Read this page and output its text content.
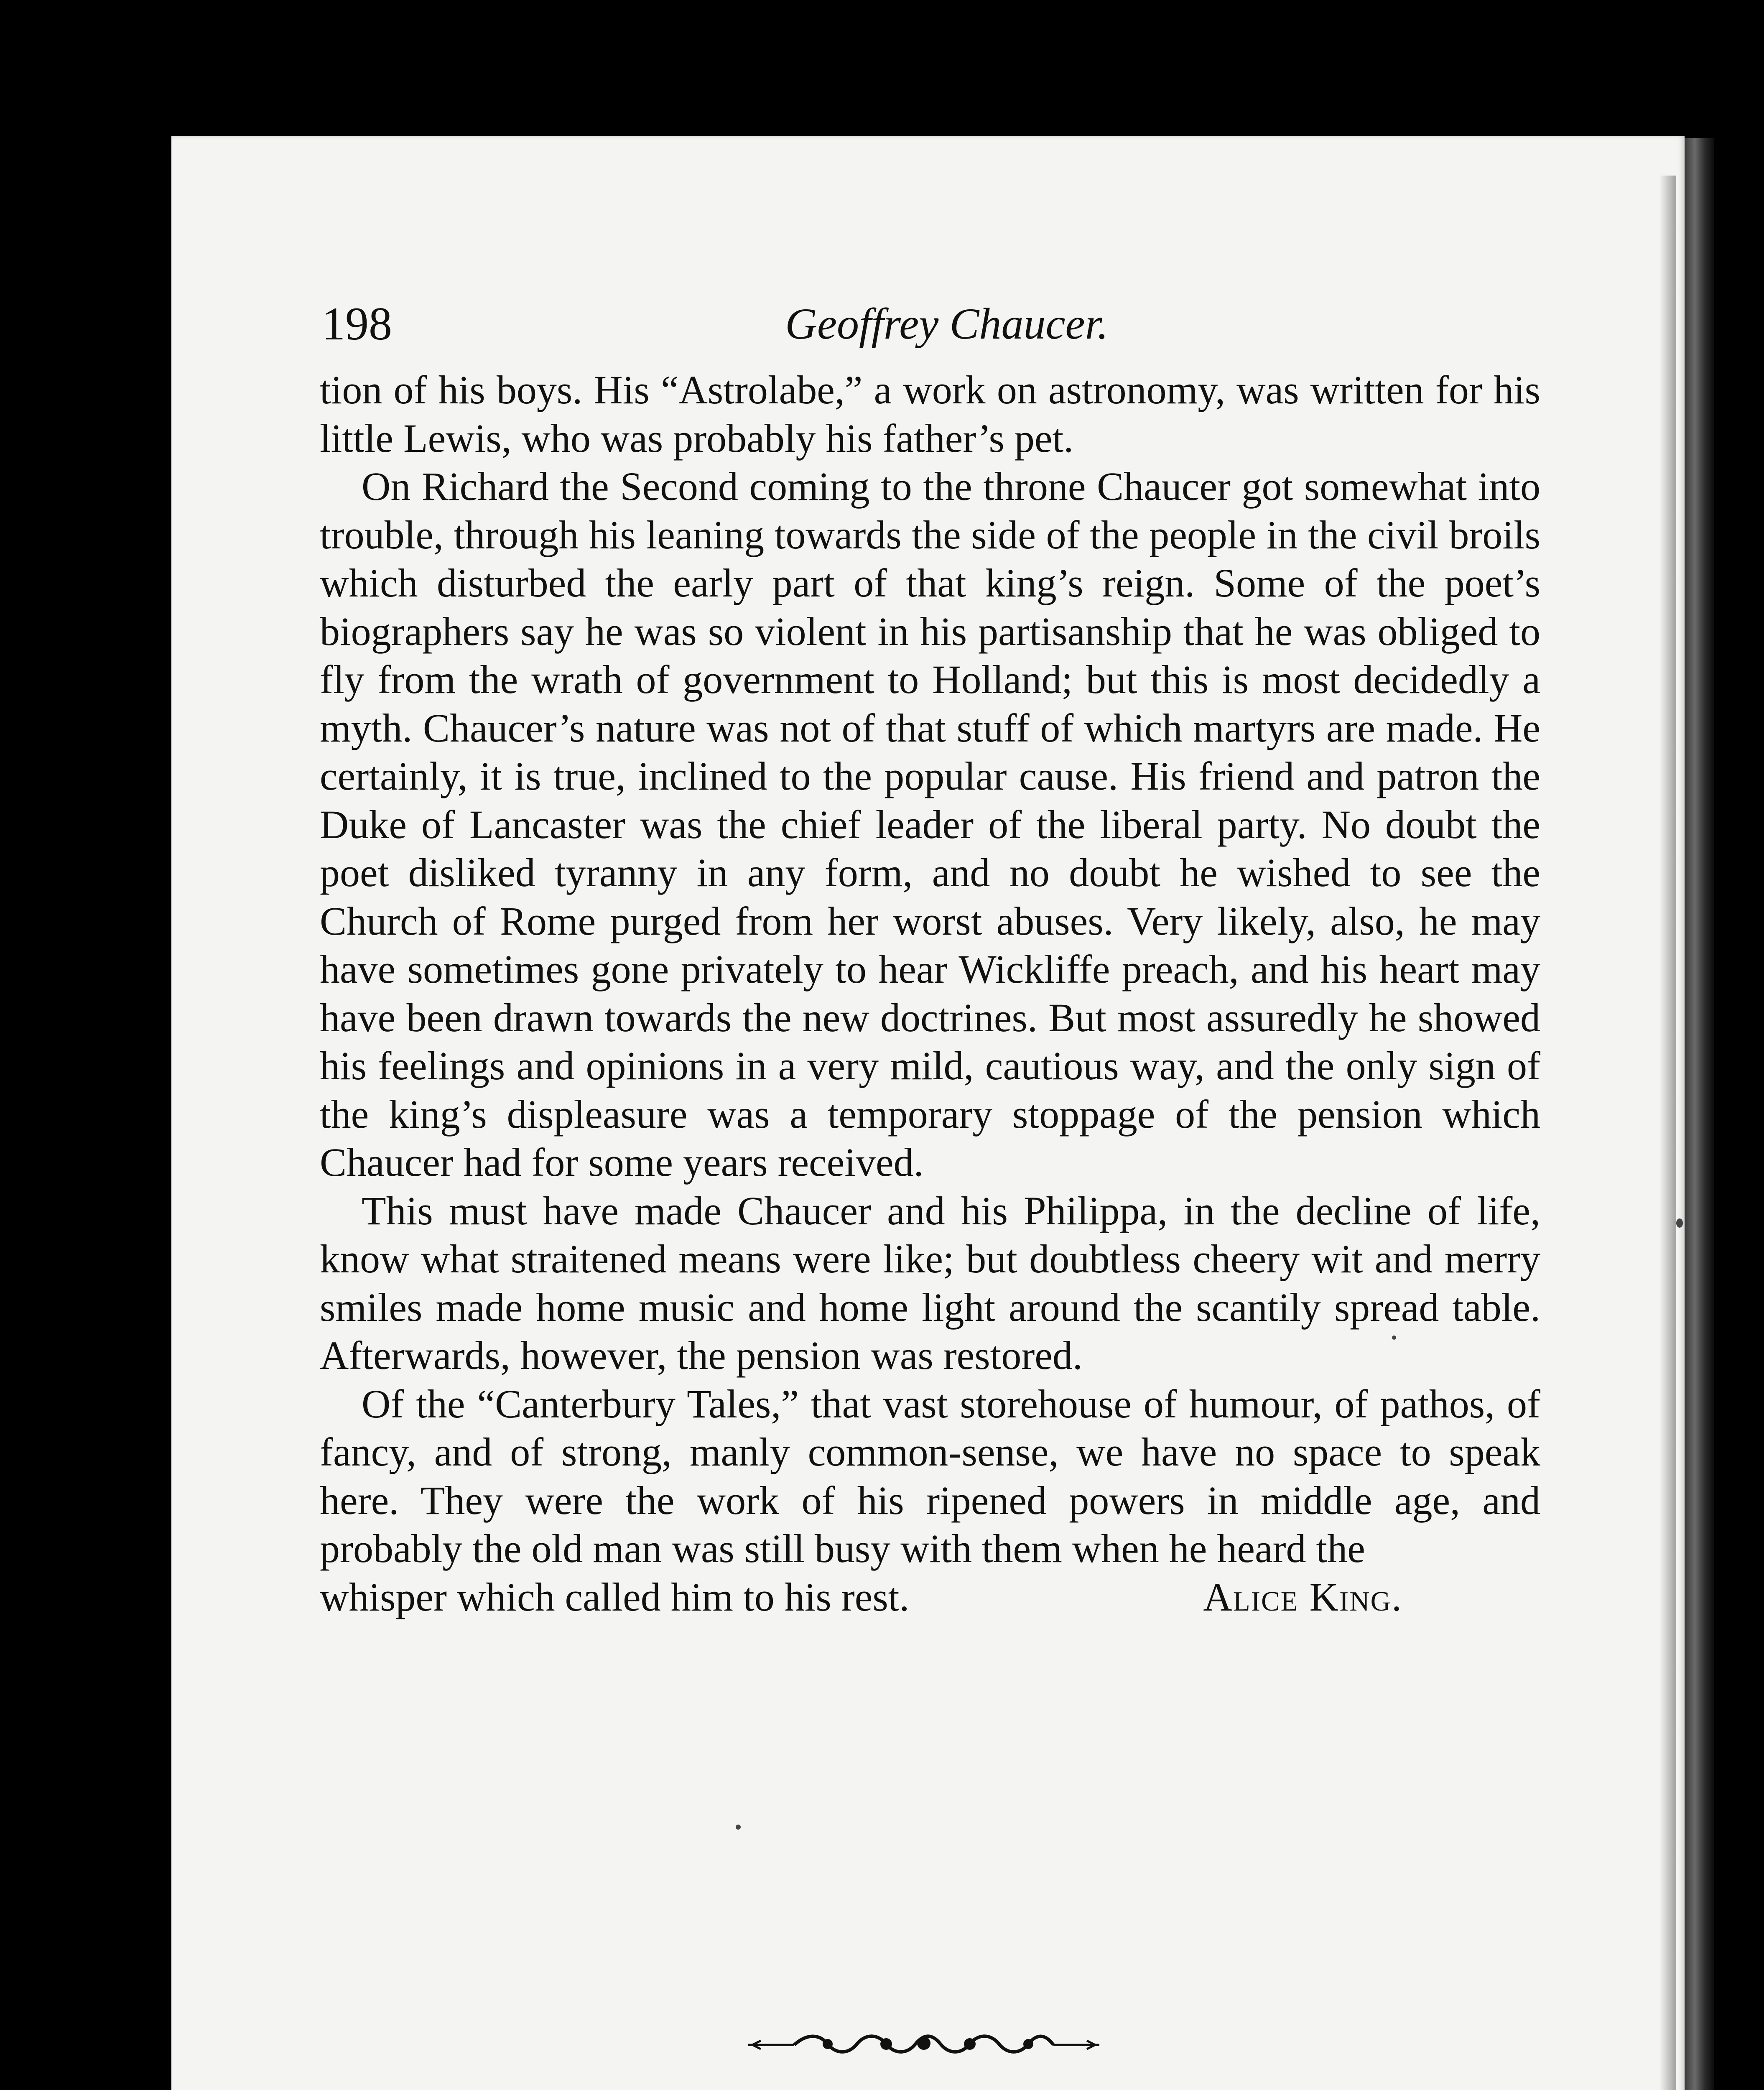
198	Geoffrey Chaucer.

tion of his boys. His “Astrolabe,” a work on astronomy, was written for his little Lewis, who was probably his father’s pet.

On Richard the Second coming to the throne Chaucer got somewhat into trouble, through his leaning towards the side of the people in the civil broils which disturbed the early part of that king’s reign. Some of the poet’s biographers say he was so violent in his partisanship that he was obliged to fly from the wrath of government to Holland; but this is most decidedly a myth. Chaucer’s nature was not of that stuff of which martyrs are made. He certainly, it is true, inclined to the popular cause. His friend and patron the Duke of Lancaster was the chief leader of the liberal party. No doubt the poet disliked tyranny in any form, and no doubt he wished to see the Church of Rome purged from her worst abuses. Very likely, also, he may have sometimes gone privately to hear Wickliffe preach, and his heart may have been drawn towards the new doctrines. But most assuredly he showed his feelings and opinions in a very mild, cautious way, and the only sign of the king’s displeasure was a temporary stoppage of the pension which Chaucer had for some years received.

This must have made Chaucer and his Philippa, in the decline of life, know what straitened means were like; but doubtless cheery wit and merry smiles made home music and home light around the scantily spread table. Afterwards, however, the pension was restored.

Of the “Canterbury Tales,” that vast storehouse of humour, of pathos, of fancy, and of strong, manly common-sense, we have no space to speak here. They were the work of his ripened powers in middle age, and probably the old man was still busy with them when he heard the

whisper which called him to his rest.	Alice King.
